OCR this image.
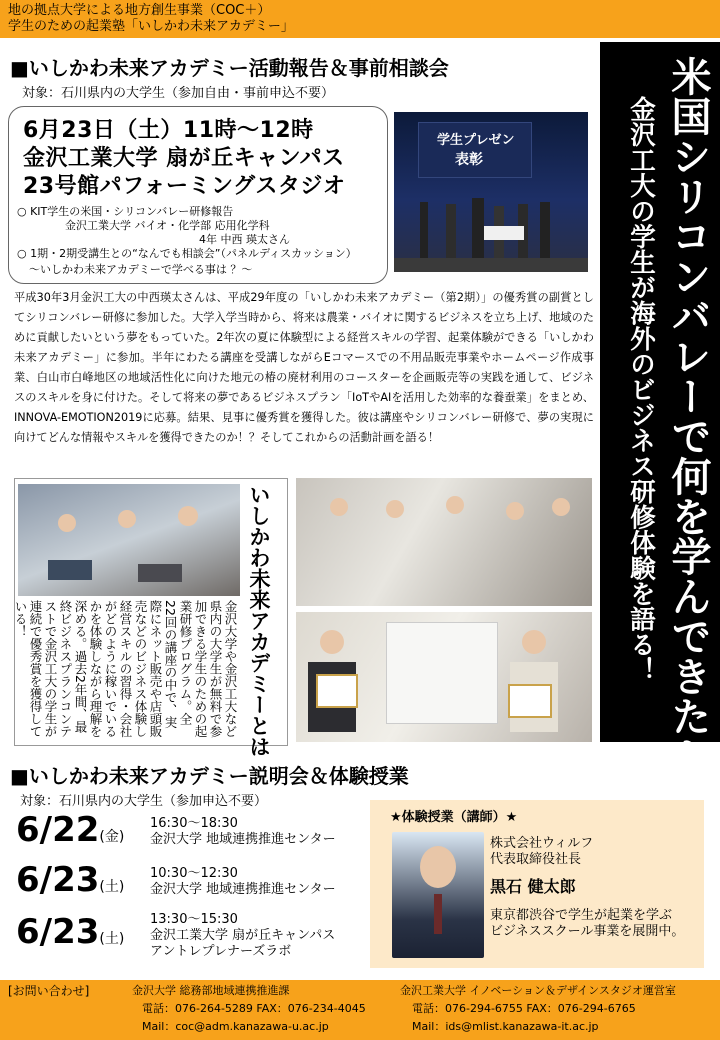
地の拠点大学による地方創生事業（COC＋）
学生のための起業塾「いしかわ未来アカデミー」
■いしかわ未来アカデミー活動報告＆事前相談会
対象：石川県内の大学生（参加自由・事前申込不要）
6月23日（土）11時～12時
金沢工業大学 扇が丘キャンパス
23号館パフォーミングスタジオ
○ KIT学生の米国・シリコンバレー研修報告
金沢工業大学 バイオ・化学部 応用化学科
4年 中西 瑛太さん
○ 1期・2期受講生との“なんでも相談会”（パネルディスカッション）
～いしかわ未来アカデミーで学べる事は ？～
学生プレゼン
表彰
平成30年3月金沢工大の中西瑛太さんは、平成29年度の「いしかわ未来アカデミー（第2期）」の優秀賞の副賞としてシリコンバレー研修に参加した。大学入学当時から、将来は農業・バイオに関するビジネスを立ち上げ、地域のために貢献したいという夢をもっていた。2年次の夏に体験型による経営スキルの学習、起業体験ができる「いしかわ未来アカデミー」に参加。半年にわたる講座を受講しながらEコマースでの不用品販売事業やホームページ作成事業、白山市白峰地区の地域活性化に向けた地元の椿の廃材利用のコースターを企画販売等の実践を通して、ビジネスのスキルを身に付けた。そして将来の夢であるビジネスプラン「IoTやAIを活用した効率的な養蚕業」をまとめ、INNOVA-EMOTION2019に応募。結果、見事に優秀賞を獲得した。彼は講座やシリコンバレー研修で、夢の実現に向けてどんな情報やスキルを獲得できたのか！？そしてこれからの活動計画を語る！	米国シリコンバレーで何を学んできたか
金沢工大の学生が海外のビジネス研修体験を語る！
金沢大学や金沢工大など県内の大学生が無料で参加できる学生のための起業研修プログラム。全22回の講座の中で、実際にネット販売や店頭販売などのビジネス体験し経営スキルの習得・会社がどのように稼いでいるかを体験しながら理解を深める。過去2年間、最終ビジネスプランコンテストで金沢工大の学生が連続で優秀賞を獲得している！	いしかわ未来アカデミーとは
■いしかわ未来アカデミー説明会＆体験授業
対象：石川県内の大学生（参加申込不要）
6/22(金)
16:30～18:30
金沢大学 地域連携推進センター
6/23(土)
10:30～12:30
金沢大学 地域連携推進センター
6/23(土)
13:30～15:30
金沢工業大学 扇が丘キャンパス
アントレプレナーズラボ
★体験授業（講師）★
株式会社ウィルフ
代表取締役社長
黒石 健太郎
東京都渋谷で学生が起業を学ぶ
ビジネススクール事業を展開中。
[お問い合わせ]	金沢大学 総務部地域連携推進課
電話：076-264-5289 FAX：076-234-4045
Mail：coc@adm.kanazawa-u.ac.jp
金沢工業大学 イノベーション＆デザインスタジオ運営室
電話：076-294-6755 FAX：076-294-6765
Mail：ids@mlist.kanazawa-it.ac.jp
